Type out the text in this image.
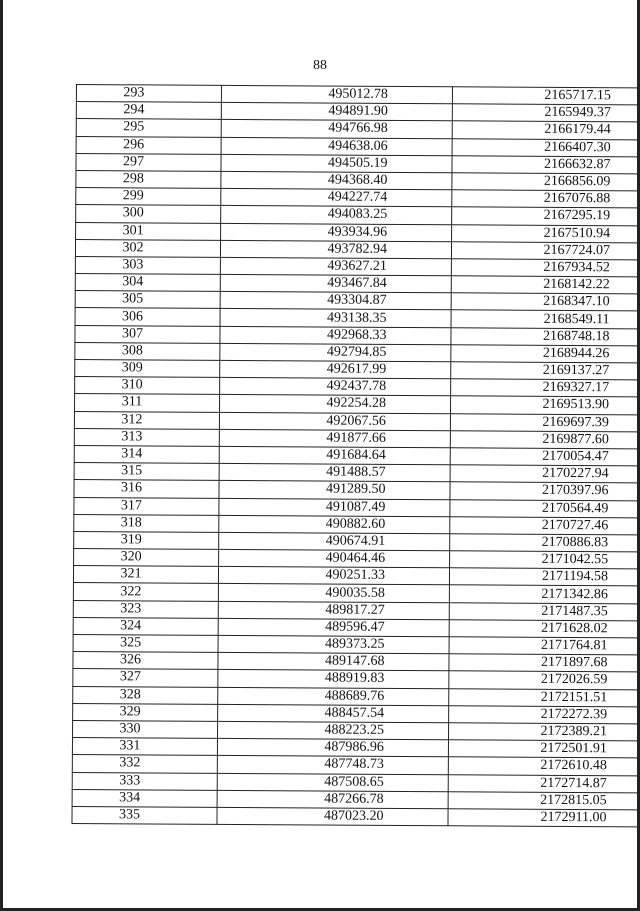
88
293	495012.78	2165717.15
294	494891.90	2165949.37
295	494766.98	2166179.44
296	494638.06	2166407.30
297	494505.19	2166632.87
298	494368.40	2166856.09
299	494227.74	2167076.88
300	494083.25	2167295.19
301	493934.96	2167510.94
302	493782.94	2167724.07
303	493627.21	2167934.52
304	493467.84	2168142.22
305	493304.87	2168347.10
306	493138.35	2168549.11
307	492968.33	2168748.18
308	492794.85	2168944.26
309	492617.99	2169137.27
310	492437.78	2169327.17
311	492254.28	2169513.90
312	492067.56	2169697.39
313	491877.66	2169877.60
314	491684.64	2170054.47
315	491488.57	2170227.94
316	491289.50	2170397.96
317	491087.49	2170564.49
318	490882.60	2170727.46
319	490674.91	2170886.83
320	490464.46	2171042.55
321	490251.33	2171194.58
322	490035.58	2171342.86
323	489817.27	2171487.35
324	489596.47	2171628.02
325	489373.25	2171764.81
326	489147.68	2171897.68
327	488919.83	2172026.59
328	488689.76	2172151.51
329	488457.54	2172272.39
330	488223.25	2172389.21
331	487986.96	2172501.91
332	487748.73	2172610.48
333	487508.65	2172714.87
334	487266.78	2172815.05
335	487023.20	2172911.00
